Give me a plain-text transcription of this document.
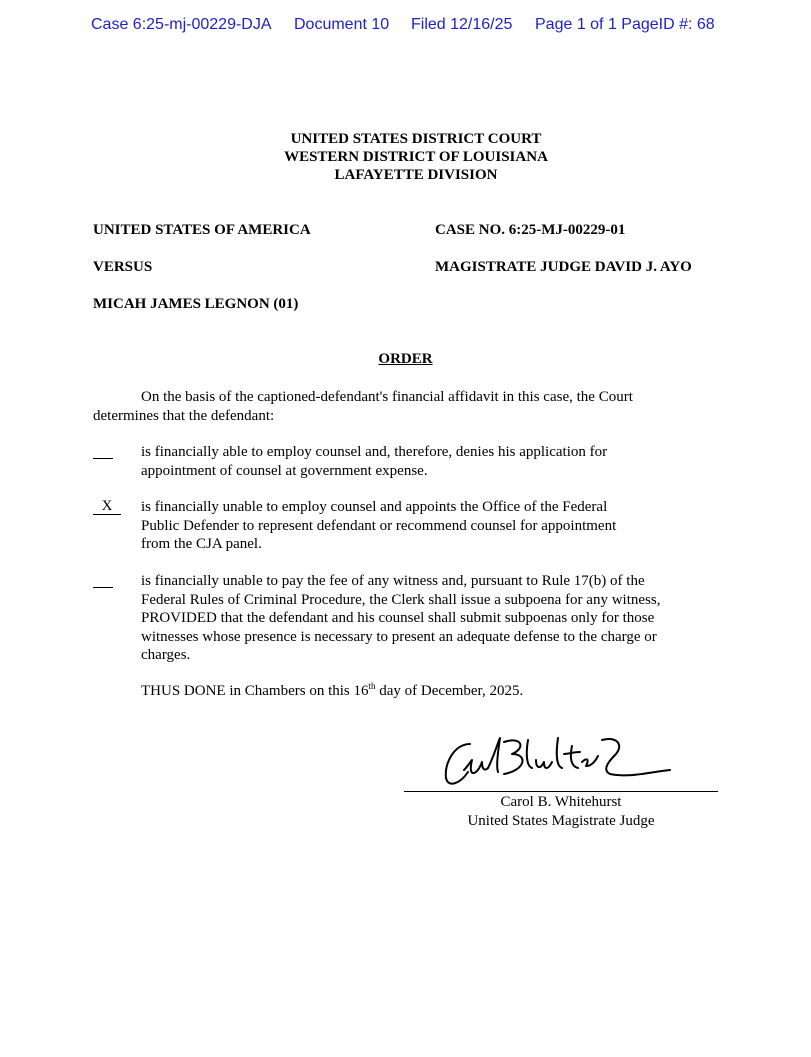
Case 6:25-mj-00229-DJA Document 10 Filed 12/16/25 Page 1 of 1 PageID #: 68
UNITED STATES DISTRICT COURT
WESTERN DISTRICT OF LOUISIANA
LAFAYETTE DIVISION
UNITED STATES OF AMERICA	CASE NO. 6:25-MJ-00229-01
VERSUS	MAGISTRATE JUDGE DAVID J. AYO
MICAH JAMES LEGNON (01)
ORDER

On the basis of the captioned-defendant's financial affidavit in this case, the Court

determines that the defendant:

is financially able to employ counsel and, therefore, denies his application for

appointment of counsel at government expense.

X	is financially unable to employ counsel and appoints the Office of the Federal

Public Defender to represent defendant or recommend counsel for appointment

from the CJA panel.

is financially unable to pay the fee of any witness and, pursuant to Rule 17(b) of the

Federal Rules of Criminal Procedure, the Clerk shall issue a subpoena for any witness,

PROVIDED that the defendant and his counsel shall submit subpoenas only for those

witnesses whose presence is necessary to present an adequate defense to the charge or

charges.

THUS DONE in Chambers on this 16th day of December, 2025.

Carol B. Whitehurst
United States Magistrate Judge
